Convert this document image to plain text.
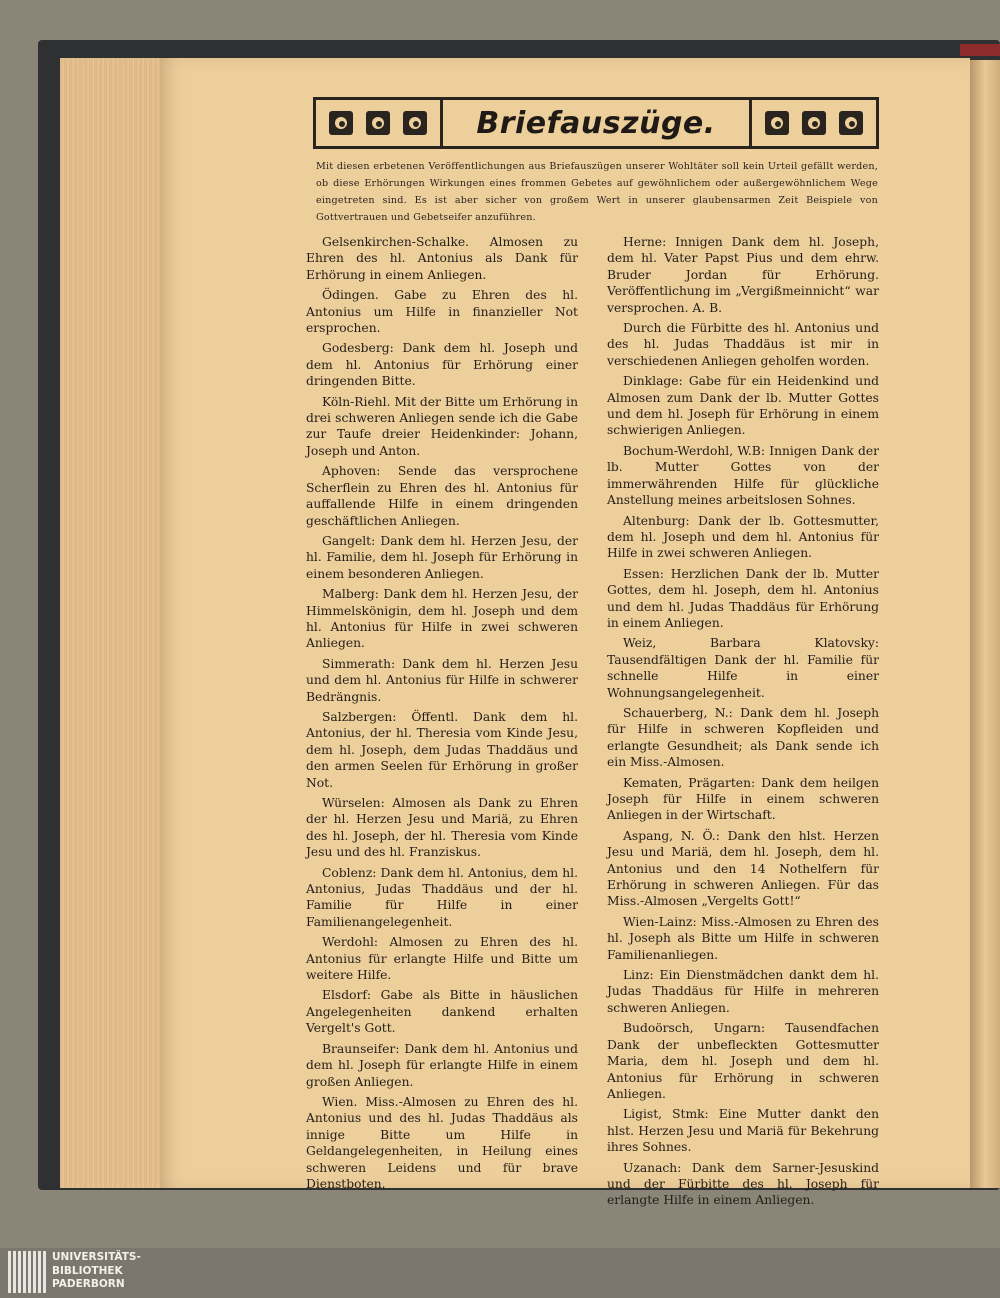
Briefauszüge.
Mit diesen erbetenen Veröffentlichungen aus Briefauszügen unserer Wohltäter soll kein Urteil gefällt werden, ob diese Erhörungen Wirkungen eines frommen Gebetes auf gewöhnlichem oder außergewöhnlichem Wege eingetreten sind. Es ist aber sicher von großem Wert in unserer glaubensarmen Zeit Beispiele von Gottvertrauen und Gebetseifer anzuführen.

Gelsenkirchen-Schalke. Almosen zu Ehren des hl. Antonius als Dank für Erhörung in einem Anliegen.

Ödingen. Gabe zu Ehren des hl. Antonius um Hilfe in finanzieller Not ersprochen.

Godesberg: Dank dem hl. Joseph und dem hl. Antonius für Erhörung einer dringenden Bitte.

Köln-Riehl. Mit der Bitte um Erhörung in drei schweren Anliegen sende ich die Gabe zur Taufe dreier Heidenkinder: Johann, Joseph und Anton.

Aphoven: Sende das versprochene Scherflein zu Ehren des hl. Antonius für auffallende Hilfe in einem dringenden geschäftlichen Anliegen.

Gangelt: Dank dem hl. Herzen Jesu, der hl. Familie, dem hl. Joseph für Erhörung in einem besonderen Anliegen.

Malberg: Dank dem hl. Herzen Jesu, der Himmelskönigin, dem hl. Joseph und dem hl. Antonius für Hilfe in zwei schweren Anliegen.

Simmerath: Dank dem hl. Herzen Jesu und dem hl. Antonius für Hilfe in schwerer Bedrängnis.

Salzbergen: Öffentl. Dank dem hl. Antonius, der hl. Theresia vom Kinde Jesu, dem hl. Joseph, dem Judas Thaddäus und den armen Seelen für Erhörung in großer Not.

Würselen: Almosen als Dank zu Ehren der hl. Herzen Jesu und Mariä, zu Ehren des hl. Joseph, der hl. Theresia vom Kinde Jesu und des hl. Franziskus.

Coblenz: Dank dem hl. Antonius, dem hl. Antonius, Judas Thaddäus und der hl. Familie für Hilfe in einer Familienangelegenheit.

Werdohl: Almosen zu Ehren des hl. Antonius für erlangte Hilfe und Bitte um weitere Hilfe.

Elsdorf: Gabe als Bitte in häuslichen Angelegenheiten dankend erhalten Vergelt's Gott.

Braunseifer: Dank dem hl. Antonius und dem hl. Joseph für erlangte Hilfe in einem großen Anliegen.

Wien. Miss.-Almosen zu Ehren des hl. Antonius und des hl. Judas Thaddäus als innige Bitte um Hilfe in Geldangelegenheiten, in Heilung eines schweren Leidens und für brave Dienstboten.

Herne: Innigen Dank dem hl. Joseph, dem hl. Vater Papst Pius und dem ehrw. Bruder Jordan für Erhörung. Veröffentlichung im „Vergißmeinnicht“ war versprochen. A. B.

Durch die Fürbitte des hl. Antonius und des hl. Judas Thaddäus ist mir in verschiedenen Anliegen geholfen worden.

Dinklage: Gabe für ein Heidenkind und Almosen zum Dank der lb. Mutter Gottes und dem hl. Joseph für Erhörung in einem schwierigen Anliegen.

Bochum-Werdohl, W.B: Innigen Dank der lb. Mutter Gottes von der immerwährenden Hilfe für glückliche Anstellung meines arbeitslosen Sohnes.

Altenburg: Dank der lb. Gottesmutter, dem hl. Joseph und dem hl. Antonius für Hilfe in zwei schweren Anliegen.

Essen: Herzlichen Dank der lb. Mutter Gottes, dem hl. Joseph, dem hl. Antonius und dem hl. Judas Thaddäus für Erhörung in einem Anliegen.

Weiz, Barbara Klatovsky: Tausendfältigen Dank der hl. Familie für schnelle Hilfe in einer Wohnungsangelegenheit.

Schauerberg, N.: Dank dem hl. Joseph für Hilfe in schweren Kopfleiden und erlangte Gesundheit; als Dank sende ich ein Miss.-Almosen.

Kematen, Prägarten: Dank dem heilgen Joseph für Hilfe in einem schweren Anliegen in der Wirtschaft.

Aspang, N. Ö.: Dank den hlst. Herzen Jesu und Mariä, dem hl. Joseph, dem hl. Antonius und den 14 Nothelfern für Erhörung in schweren Anliegen. Für das Miss.-Almosen „Vergelts Gott!“

Wien-Lainz: Miss.-Almosen zu Ehren des hl. Joseph als Bitte um Hilfe in schweren Familienanliegen.

Linz: Ein Dienstmädchen dankt dem hl. Judas Thaddäus für Hilfe in mehreren schweren Anliegen.

Budoörsch, Ungarn: Tausendfachen Dank der unbefleckten Gottesmutter Maria, dem hl. Joseph und dem hl. Antonius für Erhörung in schweren Anliegen.

Ligist, Stmk: Eine Mutter dankt den hlst. Herzen Jesu und Mariä für Bekehrung ihres Sohnes.

Uzanach: Dank dem Sarner-Jesuskind und der Fürbitte des hl. Joseph für erlangte Hilfe in einem Anliegen.

UNIVERSITÄTS-
BIBLIOTHEK
PADERBORN
